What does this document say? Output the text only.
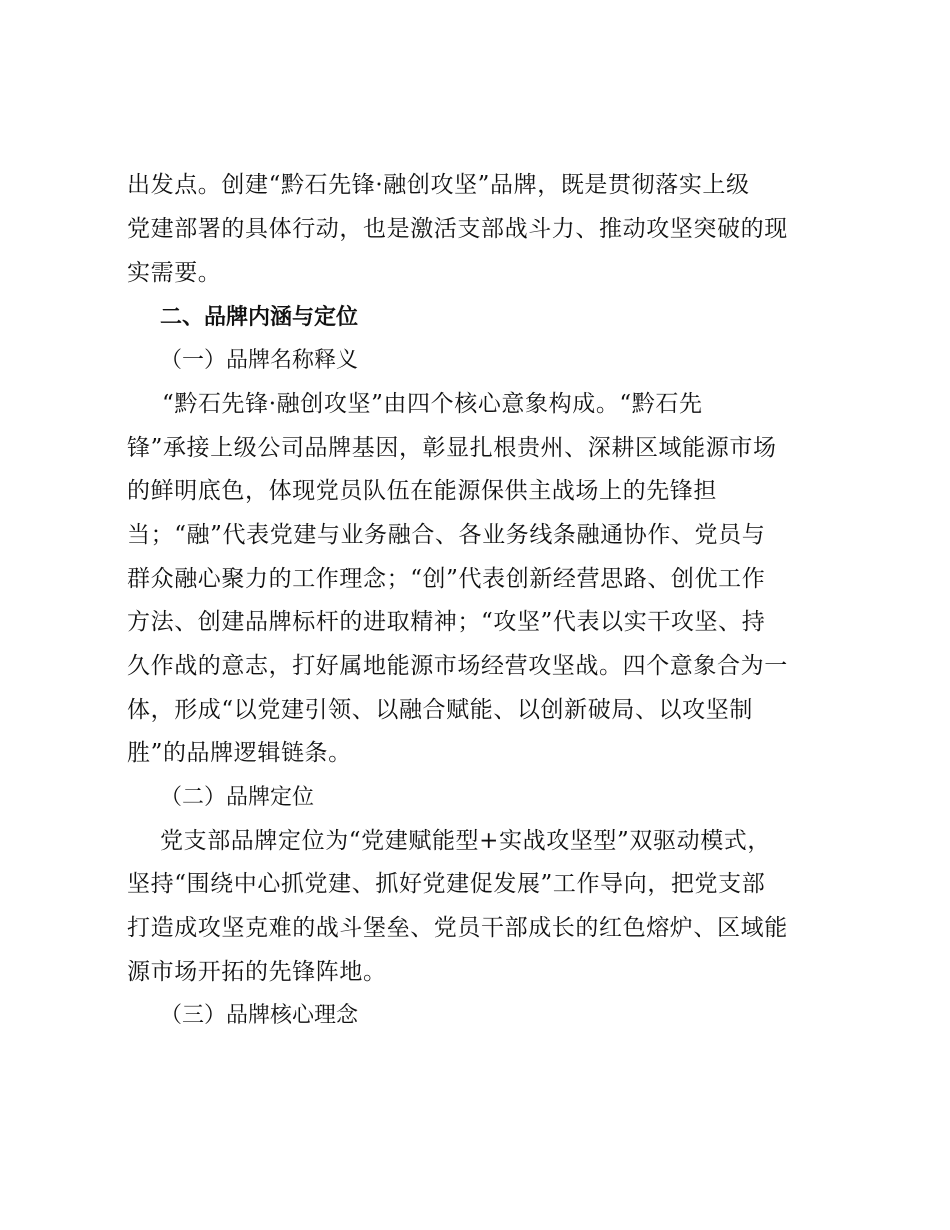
出发点。创建“黔石先锋·融创攻坚”品牌，既是贯彻落实上级
党建部署的具体行动，也是激活支部战斗力、推动攻坚突破的现
实需要。
二、品牌内涵与定位
（一）品牌名称释义
“黔石先锋·融创攻坚”由四个核心意象构成。“黔石先
锋”承接上级公司品牌基因，彰显扎根贵州、深耕区域能源市场
的鲜明底色，体现党员队伍在能源保供主战场上的先锋担
当；“融”代表党建与业务融合、各业务线条融通协作、党员与
群众融心聚力的工作理念；“创”代表创新经营思路、创优工作
方法、创建品牌标杆的进取精神；“攻坚”代表以实干攻坚、持
久作战的意志，打好属地能源市场经营攻坚战。四个意象合为一
体，形成“以党建引领、以融合赋能、以创新破局、以攻坚制
胜”的品牌逻辑链条。
（二）品牌定位
党支部品牌定位为“党建赋能型+实战攻坚型”双驱动模式，
坚持“围绕中心抓党建、抓好党建促发展”工作导向，把党支部
打造成攻坚克难的战斗堡垒、党员干部成长的红色熔炉、区域能
源市场开拓的先锋阵地。
（三）品牌核心理念
